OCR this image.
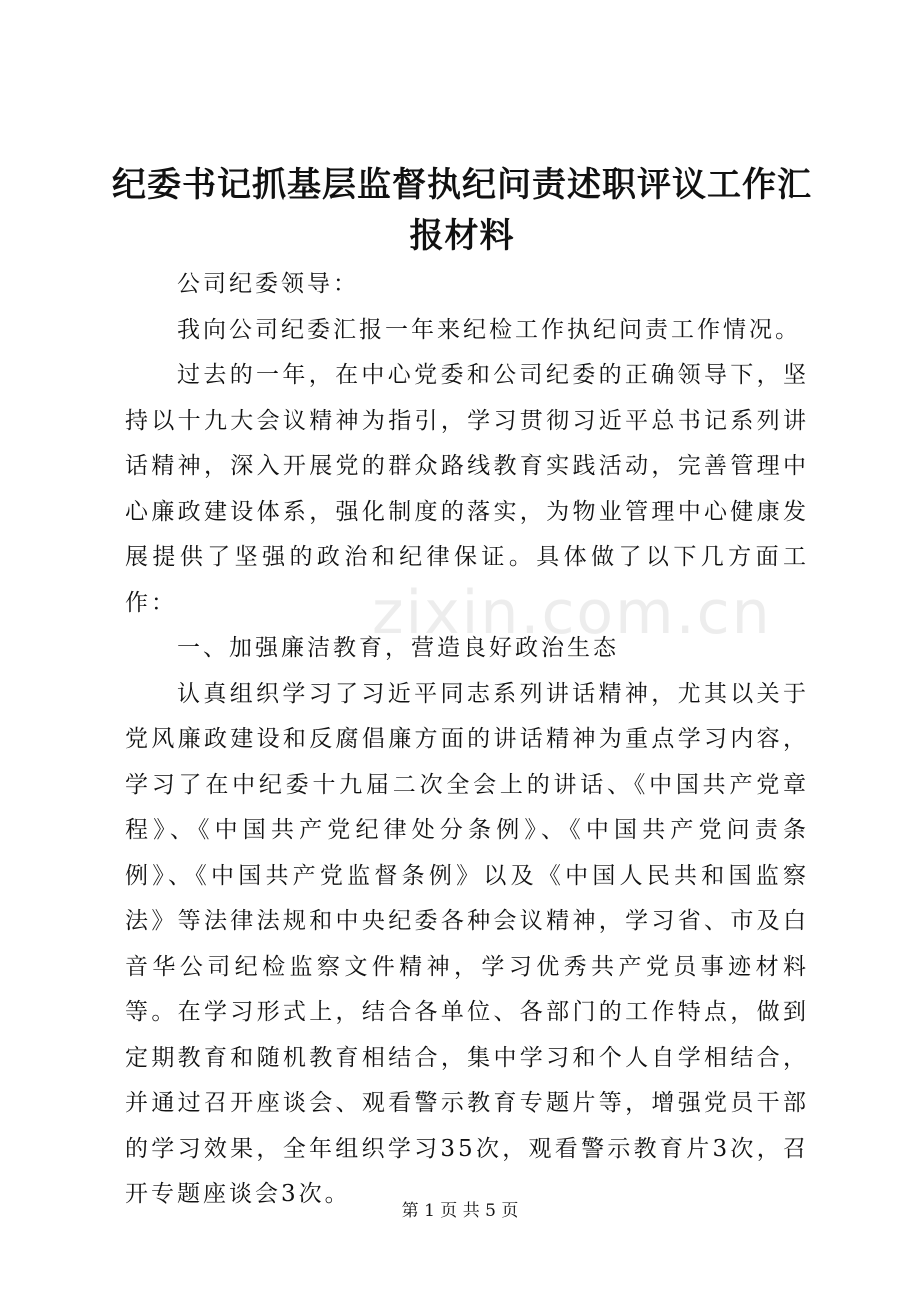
纪委书记抓基层监督执纪问责述职评议工作汇报材料

公司纪委领导：

我向公司纪委汇报一年来纪检工作执纪问责工作情况。

过去的一年，在中心党委和公司纪委的正确领导下，坚持以十九大会议精神为指引，学习贯彻习近平总书记系列讲话精神，深入开展党的群众路线教育实践活动，完善管理中心廉政建设体系，强化制度的落实，为物业管理中心健康发展提供了坚强的政治和纪律保证。具体做了以下几方面工作：

一、加强廉洁教育，营造良好政治生态

认真组织学习了习近平同志系列讲话精神，尤其以关于党风廉政建设和反腐倡廉方面的讲话精神为重点学习内容，学习了在中纪委十九届二次全会上的讲话、《中国共产党章程》、《中国共产党纪律处分条例》、《中国共产党问责条例》、《中国共产党监督条例》以及《中国人民共和国监察法》等法律法规和中央纪委各种会议精神，学习省、市及白音华公司纪检监察文件精神，学习优秀共产党员事迹材料等。在学习形式上，结合各单位、各部门的工作特点，做到定期教育和随机教育相结合，集中学习和个人自学相结合，并通过召开座谈会、观看警示教育专题片等，增强党员干部的学习效果，全年组织学习35次，观看警示教育片3次，召开专题座谈会3次。

zixin.com.cn
第 1 页 共 5 页
